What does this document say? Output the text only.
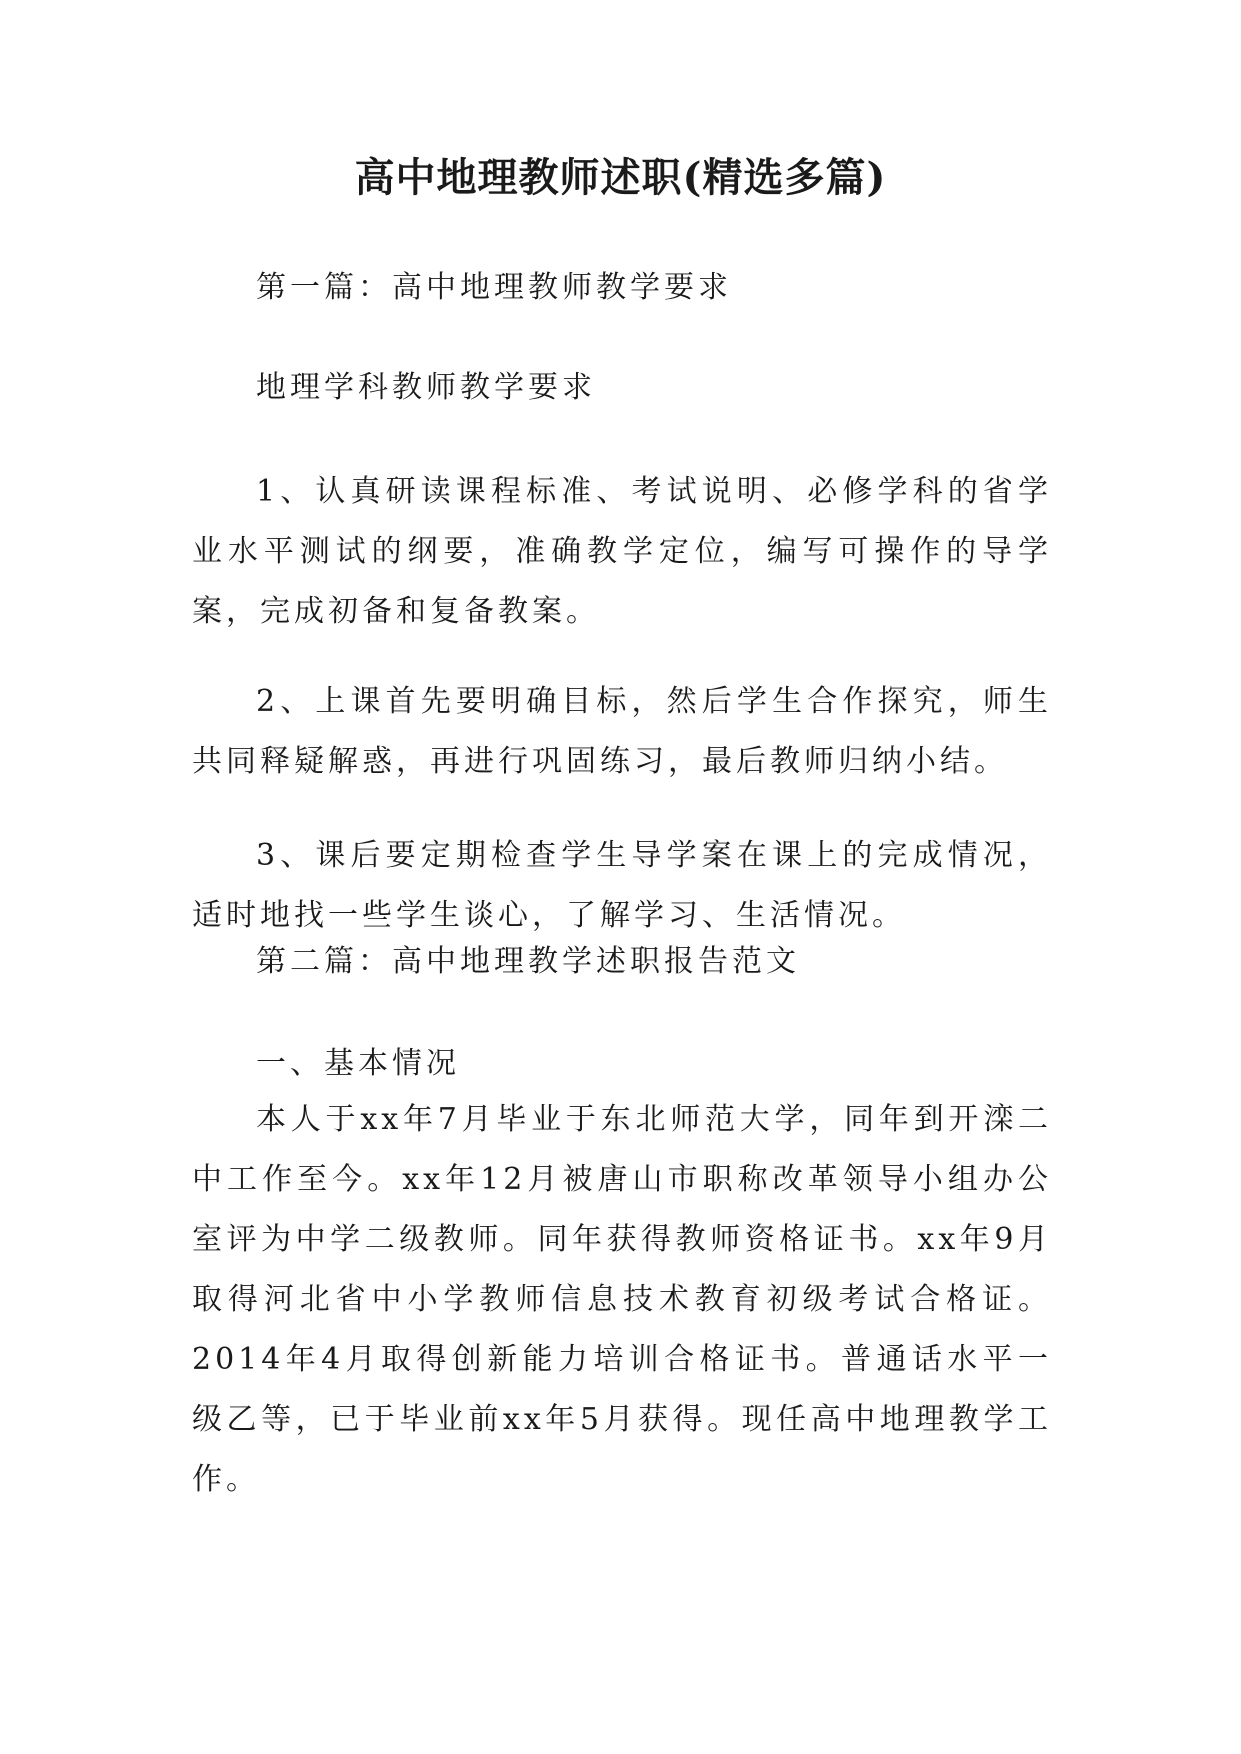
高中地理教师述职(精选多篇)

第一篇：高中地理教师教学要求

地理学科教师教学要求

1、认真研读课程标准、考试说明、必修学科的省学业水平测试的纲要，准确教学定位，编写可操作的导学案，完成初备和复备教案。

2、上课首先要明确目标，然后学生合作探究，师生共同释疑解惑，再进行巩固练习，最后教师归纳小结。

3、课后要定期检查学生导学案在课上的完成情况，适时地找一些学生谈心，了解学习、生活情况。

第二篇：高中地理教学述职报告范文

一、基本情况

本人于xx年7月毕业于东北师范大学，同年到开滦二中工作至今。xx年12月被唐山市职称改革领导小组办公室评为中学二级教师。同年获得教师资格证书。xx年9月取得河北省中小学教师信息技术教育初级考试合格证。2014年4月取得创新能力培训合格证书。普通话水平一级乙等，已于毕业前xx年5月获得。现任高中地理教学工作。
